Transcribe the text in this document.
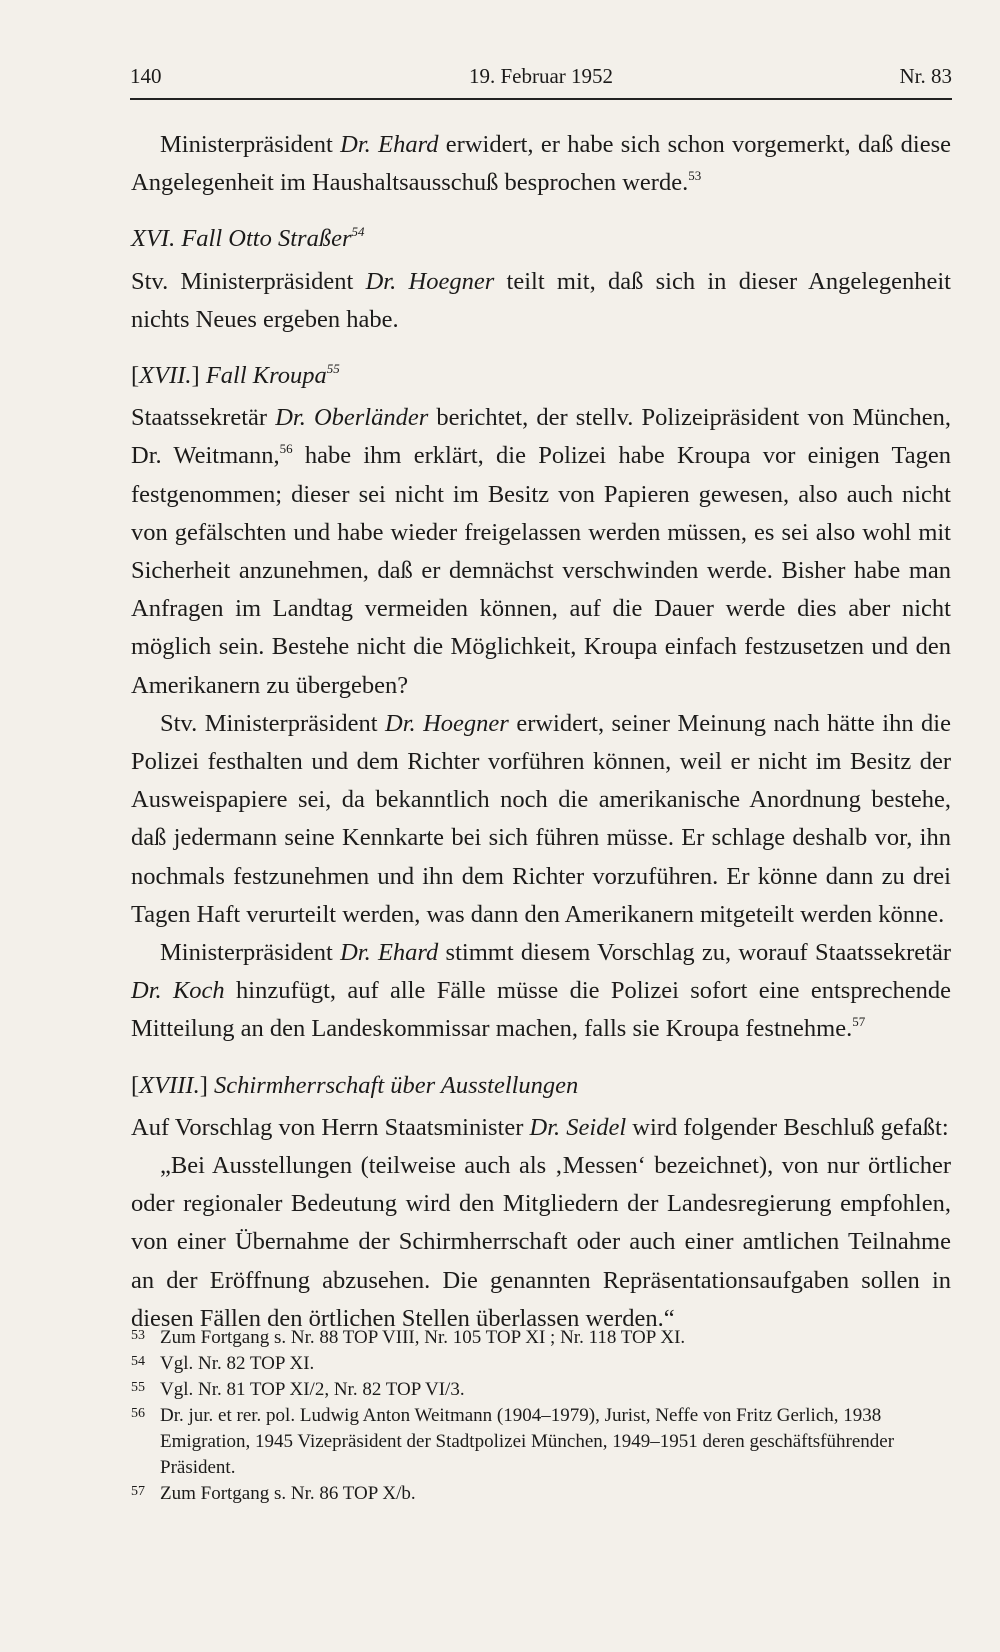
140	19. Februar 1952	Nr. 83

Ministerpräsident Dr. Ehard erwidert, er habe sich schon vorgemerkt, daß diese Angelegenheit im Haushaltsausschuß besprochen werde.$^{53}$

XVI. Fall Otto Straßer$^{54}$

Stv. Ministerpräsident Dr. Hoegner teilt mit, daß sich in dieser Angelegenheit nichts Neues ergeben habe.

[XVII.] Fall Kroupa$^{55}$

Staatssekretär Dr. Oberländer berichtet, der stellv. Polizeipräsident von München, Dr. Weitmann,$^{56}$ habe ihm erklärt, die Polizei habe Kroupa vor einigen Tagen festgenommen; dieser sei nicht im Besitz von Papieren gewesen, also auch nicht von gefälschten und habe wieder freigelassen werden müssen, es sei also wohl mit Sicherheit anzunehmen, daß er demnächst verschwinden werde. Bisher habe man Anfragen im Landtag vermeiden können, auf die Dauer werde dies aber nicht möglich sein. Bestehe nicht die Möglichkeit, Kroupa einfach festzusetzen und den Amerikanern zu übergeben?

Stv. Ministerpräsident Dr. Hoegner erwidert, seiner Meinung nach hätte ihn die Polizei festhalten und dem Richter vorführen können, weil er nicht im Besitz der Ausweispapiere sei, da bekanntlich noch die amerikanische Anordnung bestehe, daß jedermann seine Kennkarte bei sich führen müsse. Er schlage deshalb vor, ihn nochmals festzunehmen und ihn dem Richter vorzuführen. Er könne dann zu drei Tagen Haft verurteilt werden, was dann den Amerikanern mitgeteilt werden könne.

Ministerpräsident Dr. Ehard stimmt diesem Vorschlag zu, worauf Staatssekretär Dr. Koch hinzufügt, auf alle Fälle müsse die Polizei sofort eine entsprechende Mitteilung an den Landeskommissar machen, falls sie Kroupa festnehme.$^{57}$

[XVIII.] Schirmherrschaft über Ausstellungen

Auf Vorschlag von Herrn Staatsminister Dr. Seidel wird folgender Beschluß gefaßt:

„Bei Ausstellungen (teilweise auch als ‚Messen‘ bezeichnet), von nur örtlicher oder regionaler Bedeutung wird den Mitgliedern der Landesregierung empfohlen, von einer Übernahme der Schirmherrschaft oder auch einer amtlichen Teilnahme an der Eröffnung abzusehen. Die genannten Repräsentationsaufgaben sollen in diesen Fällen den örtlichen Stellen überlassen werden.“

53 Zum Fortgang s. Nr. 88 TOP VIII, Nr. 105 TOP XI ; Nr. 118 TOP XI.
54 Vgl. Nr. 82 TOP XI.
55 Vgl. Nr. 81 TOP XI/2, Nr. 82 TOP VI/3.
56 Dr. jur. et rer. pol. Ludwig Anton Weitmann (1904–1979), Jurist, Neffe von Fritz Gerlich, 1938 Emigration, 1945 Vizepräsident der Stadtpolizei München, 1949–1951 deren geschäftsführender Präsident.
57 Zum Fortgang s. Nr. 86 TOP X/b.
